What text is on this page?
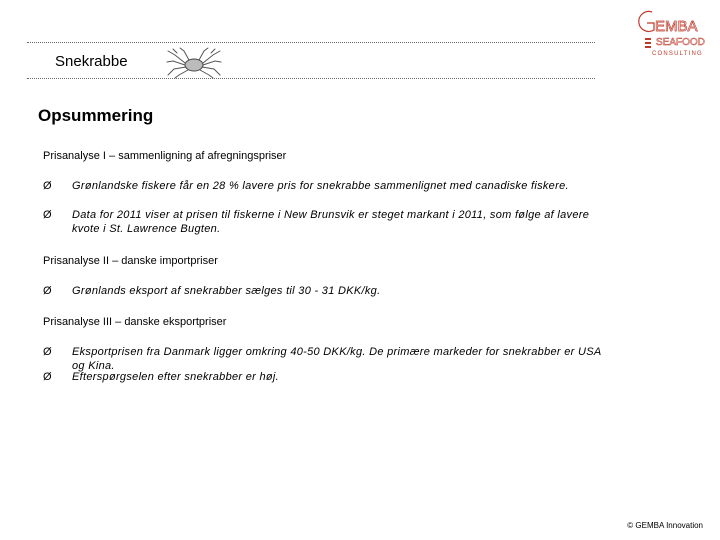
Snekrabbe
EMBA
SEAFOOD
CONSULTING
Opsummering
Prisanalyse I – sammenligning af afregningspriser
Ø	Grønlandske fiskere får en 28 % lavere pris for snekrabbe sammenlignet med canadiske fiskere.
Ø	Data for 2011 viser at prisen til fiskerne i New Brunsvik er steget markant i 2011, som følge af lavere kvote i St. Lawrence Bugten.
Prisanalyse II – danske importpriser
Ø	Grønlands eksport af snekrabber sælges til 30 - 31 DKK/kg.
Prisanalyse III – danske eksportpriser
Ø	Eksportprisen fra Danmark ligger omkring 40-50 DKK/kg. De primære markeder for snekrabber er USA og Kina.
Ø	Efterspørgselen efter snekrabber er høj.
© GEMBA Innovation
